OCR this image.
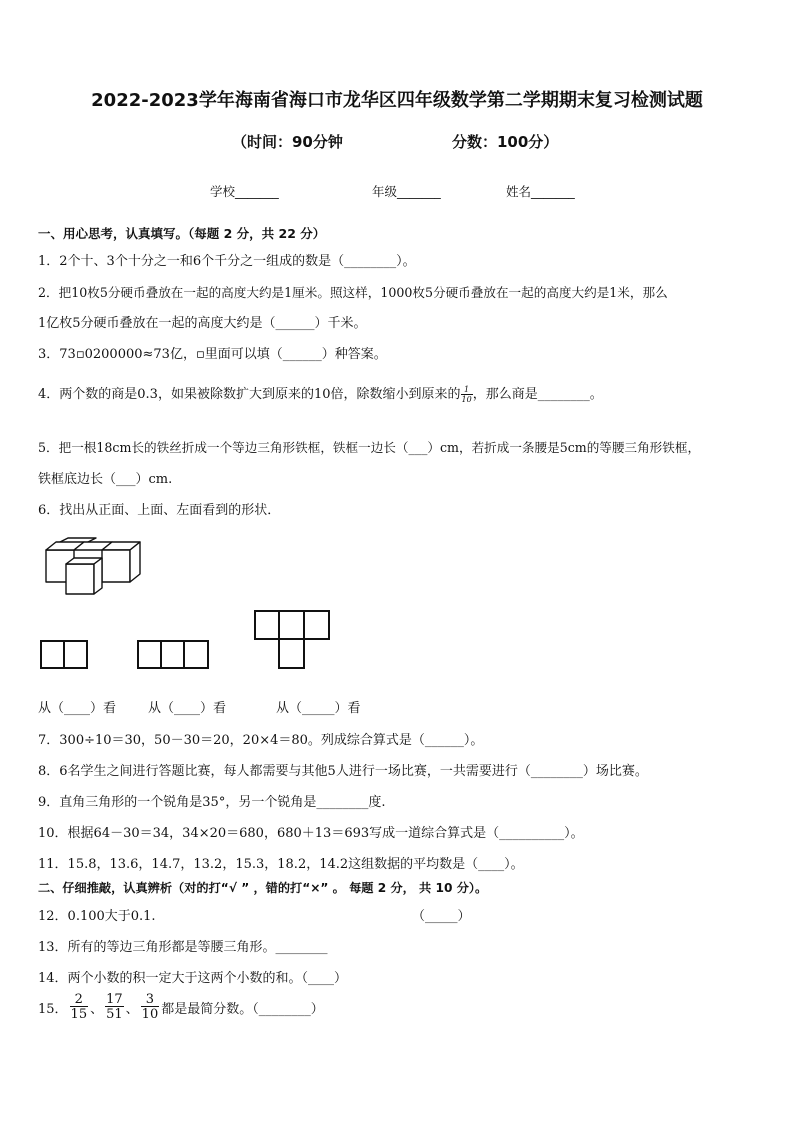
2022-2023学年海南省海口市龙华区四年级数学第二学期期末复习检测试题
（时间：90分钟	分数：100分）
学校_______	年级_______	姓名_______
一、用心思考，认真填写。（每题 2 分，共 22 分）
1．2个十、3个十分之一和6个千分之一组成的数是（________）。
2．把10枚5分硬币叠放在一起的高度大约是1厘米。照这样，1000枚5分硬币叠放在一起的高度大约是1米，那么
1亿枚5分硬币叠放在一起的高度大约是（______）千米。
3．73▫0200000≈73亿，▫里面可以填（______）种答案。
4．两个数的商是0.3，如果被除数扩大到原来的10倍，除数缩小到原来的 $\frac{1}{10}$ ，那么商是________。
5．把一根18cm长的铁丝折成一个等边三角形铁框，铁框一边长（___）cm，若折成一条腰是5cm的等腰三角形铁框，
铁框底边长（___）cm.
6．找出从正面、上面、左面看到的形状．
从（____）看 从（____）看	从（_____）看
7．300÷10＝30，50－30＝20，20×4＝80。列成综合算式是（______）。
8．6名学生之间进行答题比赛，每人都需要与其他5人进行一场比赛，一共需要进行（________）场比赛。
9．直角三角形的一个锐角是35°，另一个锐角是________度.
10．根据64－30＝34，34×20＝680，680＋13＝693写成一道综合算式是（__________）。
11．15.8，13.6，14.7，13.2，15.3，18.2，14.2这组数据的平均数是（____）。
二、仔细推敲，认真辨析（对的打“√ ” ，错的打“×” 。 每题 2 分， 共 10 分）。
12．0.100大于0.1.	（_____）
13．所有的等边三角形都是等腰三角形。________
14．两个小数的积一定大于这两个小数的和。（____）
15． $\frac{2}{15}$ 、 $\frac{17}{51}$ 、 $\frac{3}{10}$ 都是最简分数。（________）
